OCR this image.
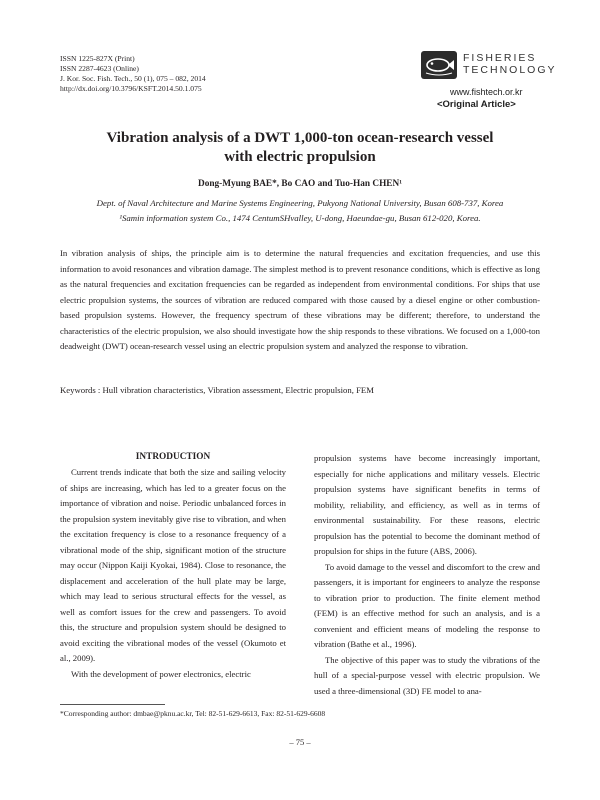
ISSN 1225-827X (Print)
ISSN 2287-4623 (Online)
J. Kor. Soc. Fish. Tech., 50 (1), 075 – 082, 2014
http://dx.doi.org/10.3796/KSFT.2014.50.1.075
FISHERIES
TECHNOLOGY
www.fishtech.or.kr
<Original Article>
Vibration analysis of a DWT 1,000-ton ocean-research vessel
with electric propulsion
Dong-Myung BAE*, Bo CAO and Tuo-Han CHEN¹
Dept. of Naval Architecture and Marine Systems Engineering, Pukyong National University, Busan 608-737, Korea
¹Samin information system Co., 1474 CentumSHvalley, U-dong, Haeundae-gu, Busan 612-020, Korea.

In vibration analysis of ships, the principle aim is to determine the natural frequencies and excitation frequencies, and use this information to avoid resonances and vibration damage. The simplest method is to prevent resonance conditions, which is effective as long as the natural frequencies and excitation frequencies can be regarded as independent from environmental conditions. For ships that use electric propulsion systems, the sources of vibration are reduced compared with those caused by a diesel engine or other combustion-based propulsion systems. However, the frequency spectrum of these vibrations may be different; therefore, to understand the characteristics of the electric propulsion, we also should investigate how the ship responds to these vibrations. We focused on a 1,000-ton deadweight (DWT) ocean-research vessel using an electric propulsion system and analyzed the response to vibration.

Keywords : Hull vibration characteristics, Vibration assessment, Electric propulsion, FEM
INTRODUCTION

Current trends indicate that both the size and sailing velocity of ships are increasing, which has led to a greater focus on the importance of vibration and noise. Periodic unbalanced forces in the propulsion system inevitably give rise to vibration, and when the excitation frequency is close to a resonance frequency of a vibrational mode of the ship, significant motion of the structure may occur (Nippon Kaiji Kyokai, 1984). Close to resonance, the displacement and acceleration of the hull plate may be large, which may lead to serious structural effects for the vessel, as well as comfort issues for the crew and passengers. To avoid this, the structure and propulsion system should be designed to avoid exciting the vibrational modes of the vessel (Okumoto et al., 2009).

With the development of power electronics, electric

propulsion systems have become increasingly important, especially for niche applications and military vessels. Electric propulsion systems have significant benefits in terms of mobility, reliability, and efficiency, as well as in terms of environmental sustainability. For these reasons, electric propulsion has the potential to become the dominant method of propulsion for ships in the future (ABS, 2006).

To avoid damage to the vessel and discomfort to the crew and passengers, it is important for engineers to analyze the response to vibration prior to production. The finite element method (FEM) is an effective method for such an analysis, and is a convenient and efficient means of modeling the response to vibration (Bathe et al., 1996).

The objective of this paper was to study the vibrations of the hull of a special-purpose vessel with electric propulsion. We used a three-dimensional (3D) FE model to ana-

*Corresponding author: dmbae@pknu.ac.kr, Tel: 82-51-629-6613, Fax: 82-51-629-6608
– 75 –
